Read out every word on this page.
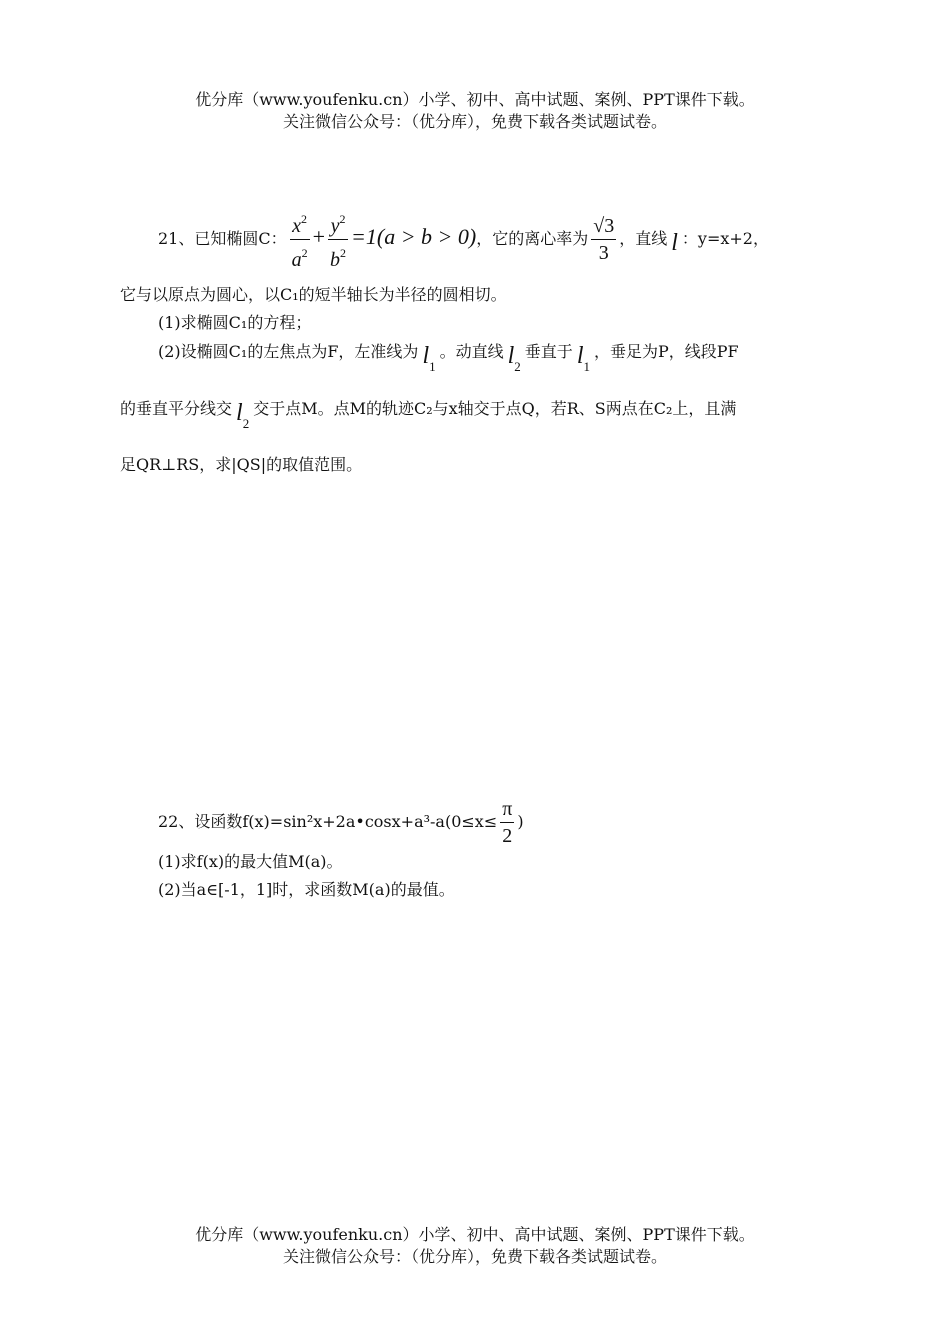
优分库（www.youfenku.cn）小学、初中、高中试题、案例、PPT课件下载。
关注微信公众号：（优分库），免费下载各类试题试卷。
21、已知椭圆C： $\frac{x^2}{a^2} + \frac{y^2}{b^2} =1(a > b > 0)$，它的离心率为 $\frac{√3}{3}$ ，直线 l ：y=x+2，
它与以原点为圆心，以C₁的短半轴长为半径的圆相切。
(1)求椭圆C₁的方程；
(2)设椭圆C₁的左焦点为F，左准线为 $l_1$。动直线 $l_2$垂直于 $l_1$，垂足为P，线段PF
的垂直平分线交 $l_2$交于点M。点M的轨迹C₂与x轴交于点Q，若R、S两点在C₂上，且满
足QR⊥RS，求|QS|的取值范围。
22、设函数f(x)=sin²x+2a•cosx+a³-a(0≤x≤ $\frac{\pi}{2}$ )
(1)求f(x)的最大值M(a)。
(2)当a∈[-1，1]时，求函数M(a)的最值。
优分库（www.youfenku.cn）小学、初中、高中试题、案例、PPT课件下载。
关注微信公众号：（优分库），免费下载各类试题试卷。
